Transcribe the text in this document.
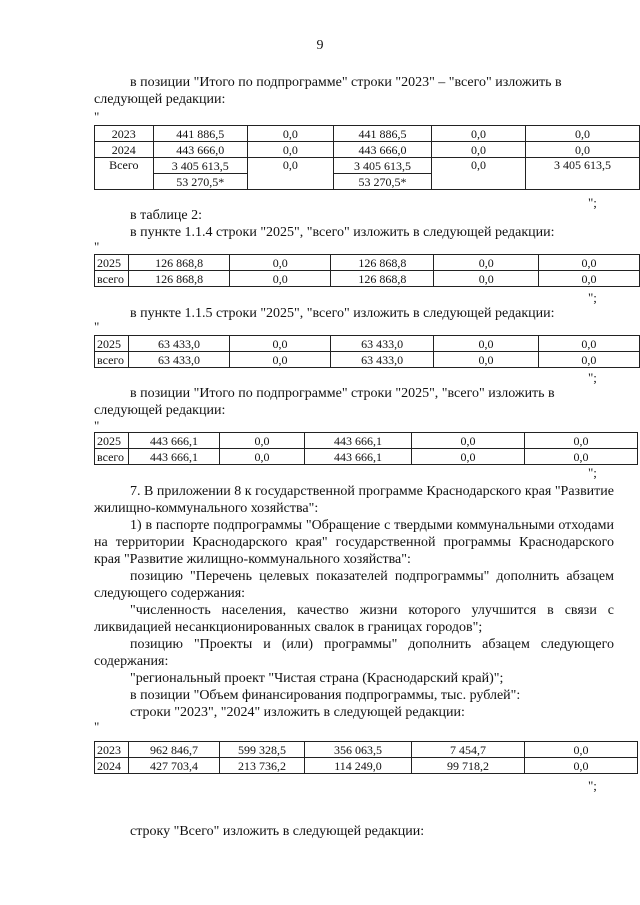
9
в позиции "Итого по подпрограмме" строки "2023" – "всего" изложить в
следующей редакции:
"
2023	441 886,5	0,0	441 886,5	0,0	0,0
2024	443 666,0	0,0	443 666,0	0,0	0,0
Всего	3 405 613,5	0,0	3 405 613,5	0,0	3 405 613,5
	53 270,5*		53 270,5*		
";
в таблице 2:
в пункте 1.1.4 строки "2025", "всего" изложить в следующей редакции:
"
2025	126 868,8	0,0	126 868,8	0,0	0,0
всего	126 868,8	0,0	126 868,8	0,0	0,0
";
в пункте 1.1.5 строки "2025", "всего" изложить в следующей редакции:
"
2025	63 433,0	0,0	63 433,0	0,0	0,0
всего	63 433,0	0,0	63 433,0	0,0	0,0
";
в позиции "Итого по подпрограмме" строки "2025", "всего" изложить в
следующей редакции:
"
2025	443 666,1	0,0	443 666,1	0,0	0,0
всего	443 666,1	0,0	443 666,1	0,0	0,0
";
7. В приложении 8 к государственной программе Краснодарского края "Развитие жилищно-коммунального хозяйства":
1) в паспорте подпрограммы "Обращение с твердыми коммунальными отходами на территории Краснодарского края" государственной программы Краснодарского края "Развитие жилищно-коммунального хозяйства":
позицию "Перечень целевых показателей подпрограммы" дополнить абзацем следующего содержания:
"численность населения, качество жизни которого улучшится в связи с ликвидацией несанкционированных свалок в границах городов";
позицию "Проекты и (или) программы" дополнить абзацем следующего содержания:
"региональный проект "Чистая страна (Краснодарский край)";
в позиции "Объем финансирования подпрограммы, тыс. рублей":
строки "2023", "2024" изложить в следующей редакции:
"
2023	962 846,7	599 328,5	356 063,5	7 454,7	0,0
2024	427 703,4	213 736,2	114 249,0	99 718,2	0,0
";
строку "Всего" изложить в следующей редакции:
